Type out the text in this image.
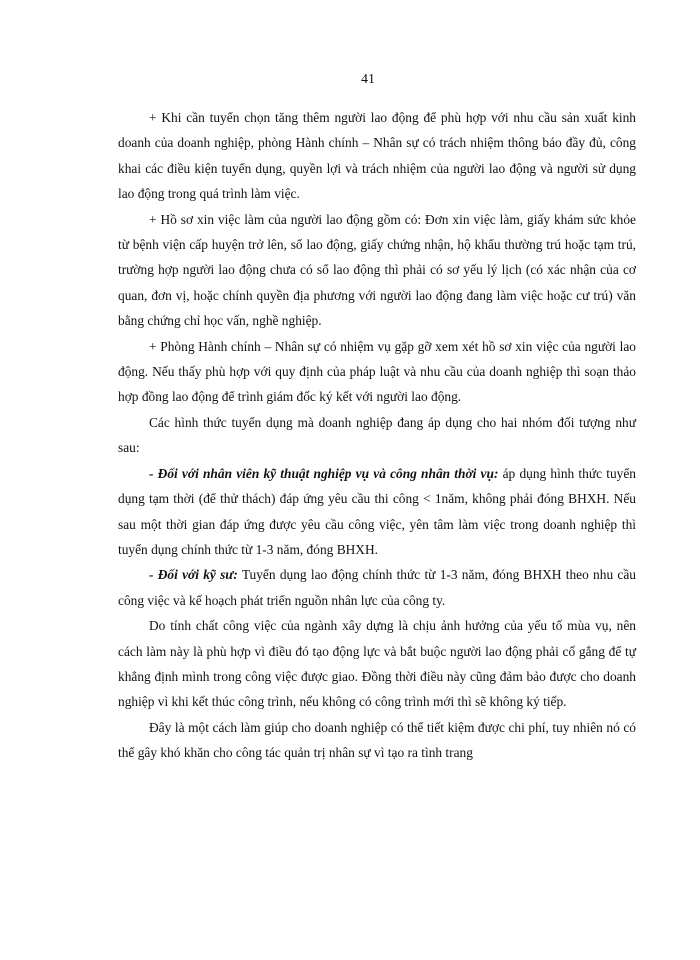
41

+ Khi cần tuyển chọn tăng thêm người lao động để phù hợp với nhu cầu sản xuất kinh doanh của doanh nghiệp, phòng Hành chính – Nhân sự có trách nhiệm thông báo đầy đủ, công khai các điều kiện tuyển dụng, quyền lợi và trách nhiệm của người lao động và người sử dụng lao động trong quá trình làm việc.

+ Hồ sơ xin việc làm của người lao động gồm có: Đơn xin việc làm, giấy khám sức khỏe từ bệnh viện cấp huyện trở lên, sổ lao động, giấy chứng nhận, hộ khẩu thường trú hoặc tạm trú, trường hợp người lao động chưa có sổ lao động thì phải có sơ yếu lý lịch (có xác nhận của cơ quan, đơn vị, hoặc chính quyền địa phương với người lao động đang làm việc hoặc cư trú) văn bằng chứng chỉ học vấn, nghề nghiệp.

+ Phòng Hành chính – Nhân sự có nhiệm vụ gặp gỡ xem xét hồ sơ xin việc của người lao động. Nếu thấy phù hợp với quy định của pháp luật và nhu cầu của doanh nghiệp thì soạn thảo hợp đồng lao động để trình giám đốc ký kết với người lao động.

Các hình thức tuyển dụng mà doanh nghiệp đang áp dụng cho hai nhóm đối tượng như sau:

- Đối với nhân viên kỹ thuật nghiệp vụ và công nhân thời vụ: áp dụng hình thức tuyển dụng tạm thời (để thử thách) đáp ứng yêu cầu thi công < 1năm, không phải đóng BHXH. Nếu sau một thời gian đáp ứng được yêu cầu công việc, yên tâm làm việc trong doanh nghiệp thì tuyển dụng chính thức từ 1-3 năm, đóng BHXH.

- Đối với kỹ sư: Tuyển dụng lao động chính thức từ 1-3 năm, đóng BHXH theo nhu cầu công việc và kế hoạch phát triển nguồn nhân lực của công ty.

Do tính chất công việc của ngành xây dựng là chịu ảnh hưởng của yếu tố mùa vụ, nên cách làm này là phù hợp vì điều đó tạo động lực và bắt buộc người lao động phải cố gắng để tự khẳng định mình trong công việc được giao. Đồng thời điều này cũng đảm bảo được cho doanh nghiệp vì khi kết thúc công trình, nếu không có công trình mới thì sẽ không ký tiếp.

Đây là một cách làm giúp cho doanh nghiệp có thể tiết kiệm được chi phí, tuy nhiên nó có thể gây khó khăn cho công tác quản trị nhân sự vì tạo ra tình trang
